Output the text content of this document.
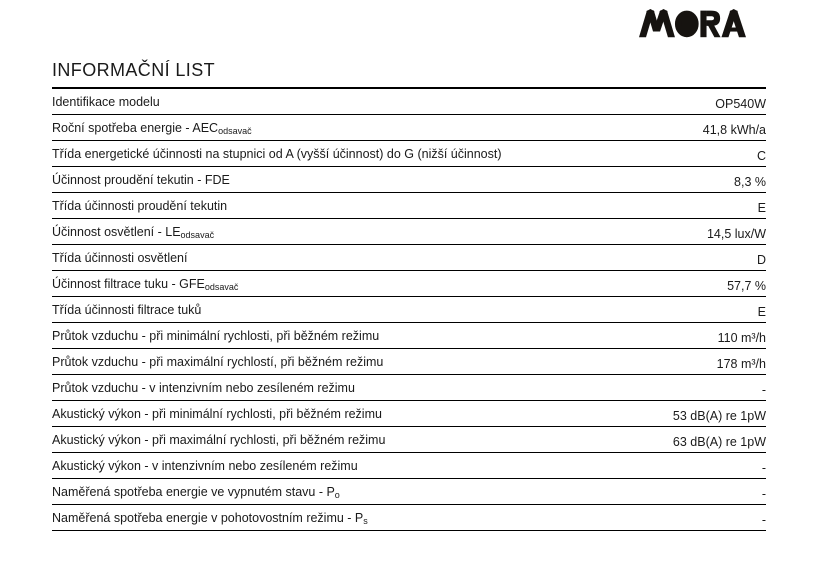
INFORMAČNÍ LIST
Identifikace modelu	OP540W
Roční spotřeba energie - $AEC_{odsavač}$	41,8 kWh/a
Třída energetické účinnosti na stupnici od A (vyšší účinnost) do G (nižší účinnost)	C
Účinnost proudění tekutin - FDE	8,3 %
Třída účinnosti proudění tekutin	E
Účinnost osvětlení - $LE_{odsavač}$	14,5 lux/W
Třída účinnosti osvětlení	D
Účinnost filtrace tuku - $GFE_{odsavač}$	57,7 %
Třída účinnosti filtrace tuků	E
Průtok vzduchu - při minimální rychlosti, při běžném režimu	110 m³/h
Průtok vzduchu - při maximální rychlostí, při běžném režimu	178 m³/h
Průtok vzduchu - v intenzivním nebo zesíleném režimu	-
Akustický výkon - při minimální rychlosti, při běžném režimu	53 dB(A) re 1pW
Akustický výkon - při maximální rychlosti, při běžném režimu	63 dB(A) re 1pW
Akustický výkon - v intenzivním nebo zesíleném režimu	-
Naměřená spotřeba energie ve vypnutém stavu - $P_o$	-
Naměřená spotřeba energie v pohotovostním režimu - $P_s$	-
